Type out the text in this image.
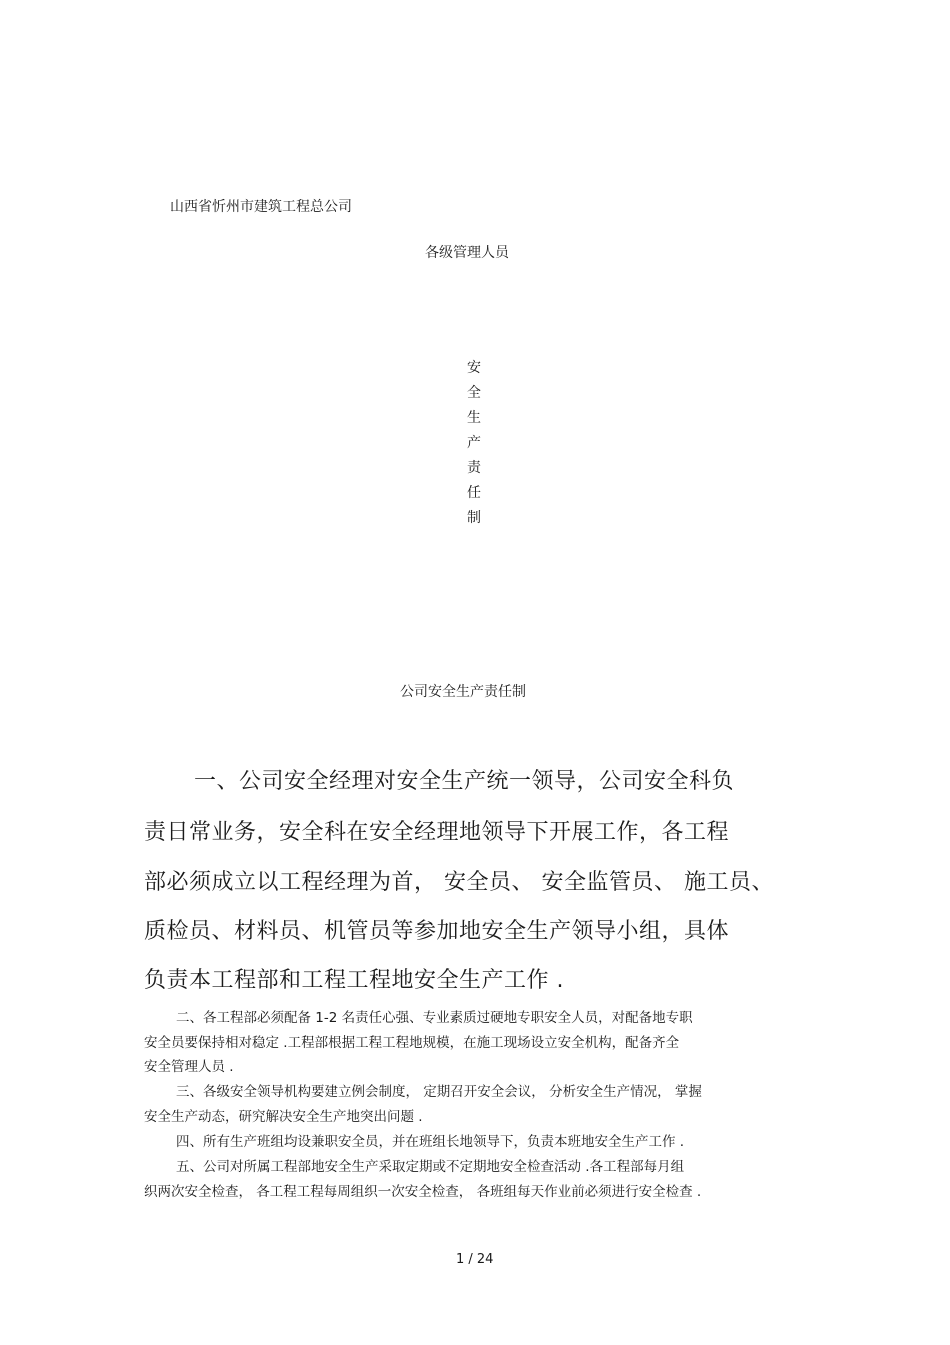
山西省忻州市建筑工程总公司
各级管理人员
安
全
生
产
责
任
制
公司安全生产责任制
一、公司安全经理对安全生产统一领导，公司安全科负
责日常业务，安全科在安全经理地领导下开展工作，各工程
部必须成立以工程经理为首， 安全员、 安全监管员、 施工员、
质检员、材料员、机管员等参加地安全生产领导小组，具体
负责本工程部和工程工程地安全生产工作 .
二、各工程部必须配备 1-2 名责任心强、专业素质过硬地专职安全人员，对配备地专职
安全员要保持相对稳定 .工程部根据工程工程地规模，在施工现场设立安全机构，配备齐全
安全管理人员 .
三、各级安全领导机构要建立例会制度， 定期召开安全会议， 分析安全生产情况， 掌握
安全生产动态，研究解决安全生产地突出问题 .
四、所有生产班组均设兼职安全员，并在班组长地领导下，负责本班地安全生产工作 .
五、公司对所属工程部地安全生产采取定期或不定期地安全检查活动 .各工程部每月组
织两次安全检查， 各工程工程每周组织一次安全检查， 各班组每天作业前必须进行安全检查 .
1 / 24
